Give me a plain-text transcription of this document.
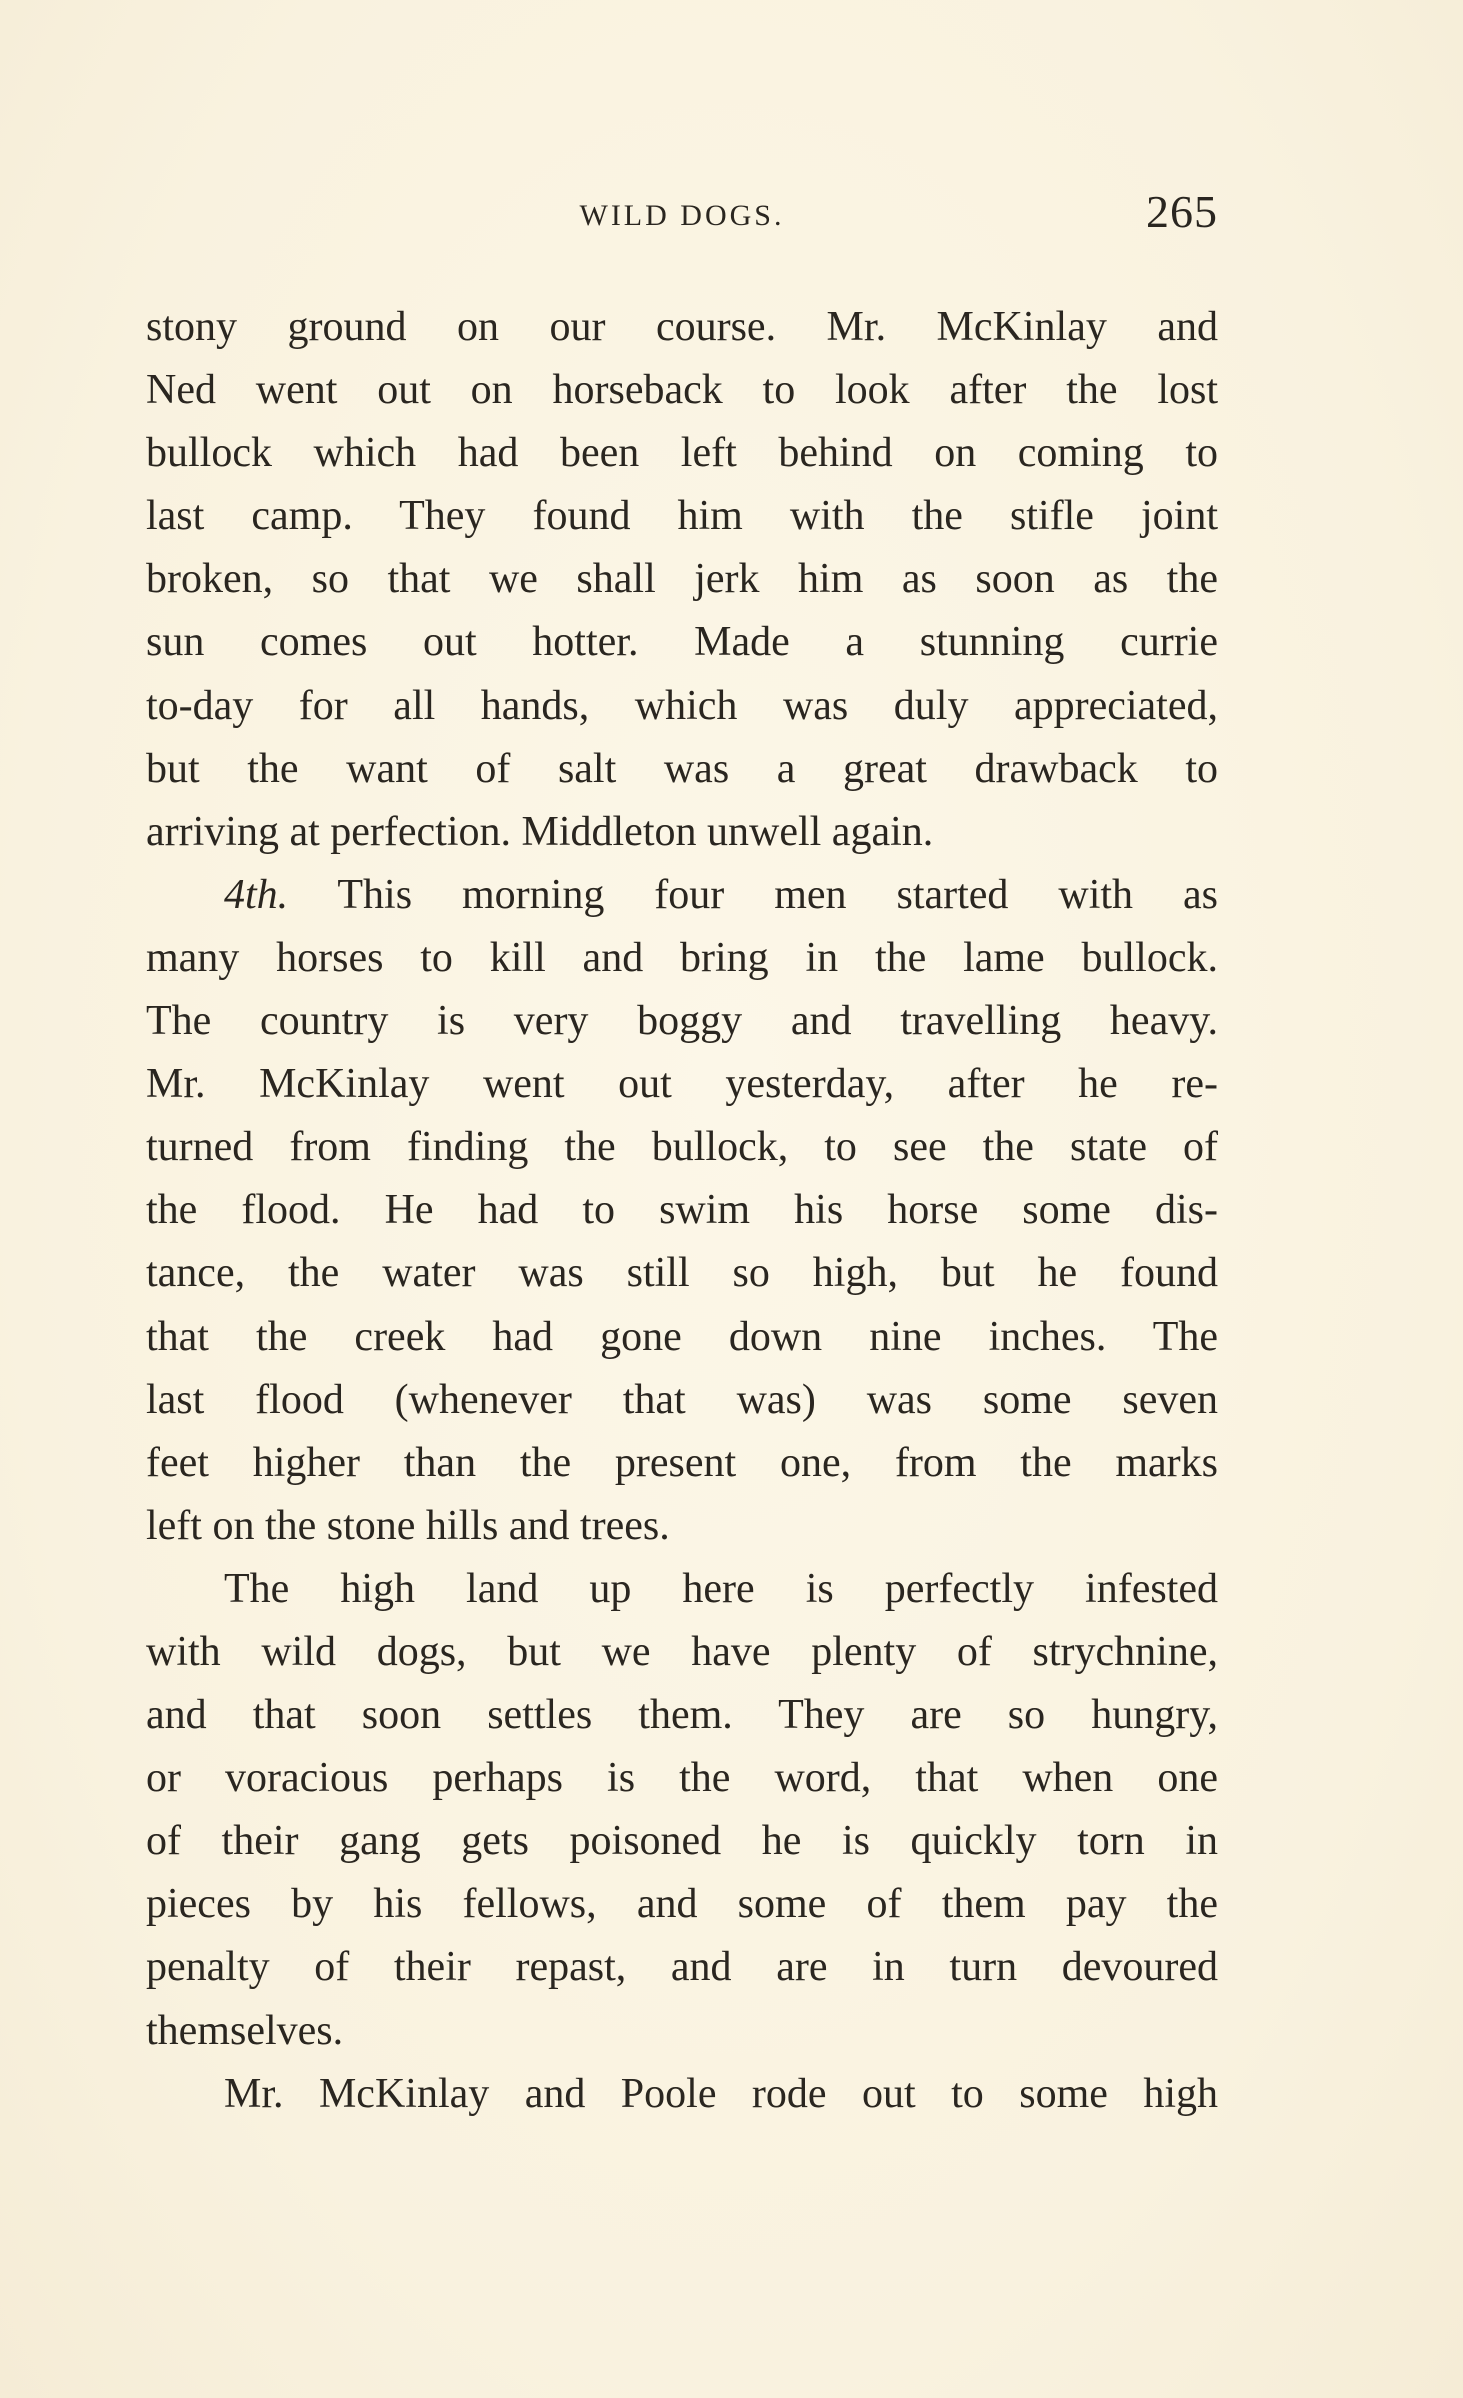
WILD DOGS.	265
stony ground on our course. Mr. McKinlay and
Ned went out on horseback to look after the lost
bullock which had been left behind on coming to
last camp. They found him with the stifle joint
broken, so that we shall jerk him as soon as the
sun comes out hotter. Made a stunning currie
to-day for all hands, which was duly appreciated,
but the want of salt was a great drawback to
arriving at perfection. Middleton unwell again.
4th. This morning four men started with as
many horses to kill and bring in the lame bullock.
The country is very boggy and travelling heavy.
Mr. McKinlay went out yesterday, after he re-
turned from finding the bullock, to see the state of
the flood. He had to swim his horse some dis-
tance, the water was still so high, but he found
that the creek had gone down nine inches. The
last flood (whenever that was) was some seven
feet higher than the present one, from the marks
left on the stone hills and trees.
The high land up here is perfectly infested
with wild dogs, but we have plenty of strychnine,
and that soon settles them. They are so hungry,
or voracious perhaps is the word, that when one
of their gang gets poisoned he is quickly torn in
pieces by his fellows, and some of them pay the
penalty of their repast, and are in turn devoured
themselves.
Mr. McKinlay and Poole rode out to some high
